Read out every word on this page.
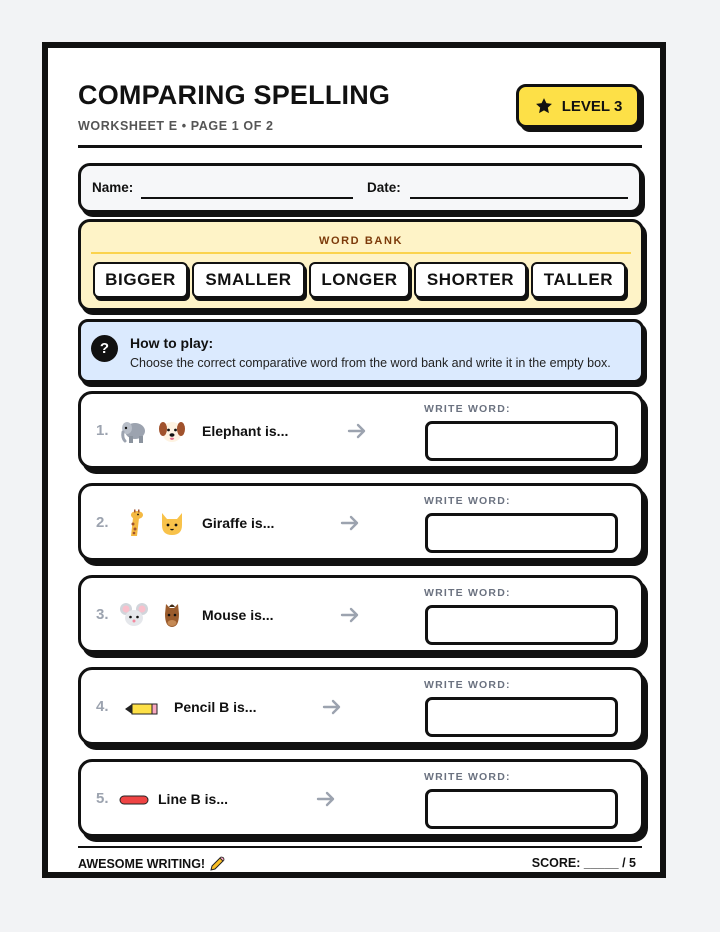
COMPARING SPELLING
WORKSHEET E • PAGE 1 OF 2
LEVEL 3
Name:	Date:
WORD BANK
BIGGER	SMALLER	LONGER	SHORTER	TALLER
?	How to play:
Choose the correct comparative word from the word bank and write it in the empty box.
1.	Elephant is...
WRITE WORD:
2.	Giraffe is...
WRITE WORD:
3.	Mouse is...
WRITE WORD:
4.	Pencil B is...
WRITE WORD:
5.	Line B is...
WRITE WORD:
AWESOME WRITING!	SCORE: _____ / 5
